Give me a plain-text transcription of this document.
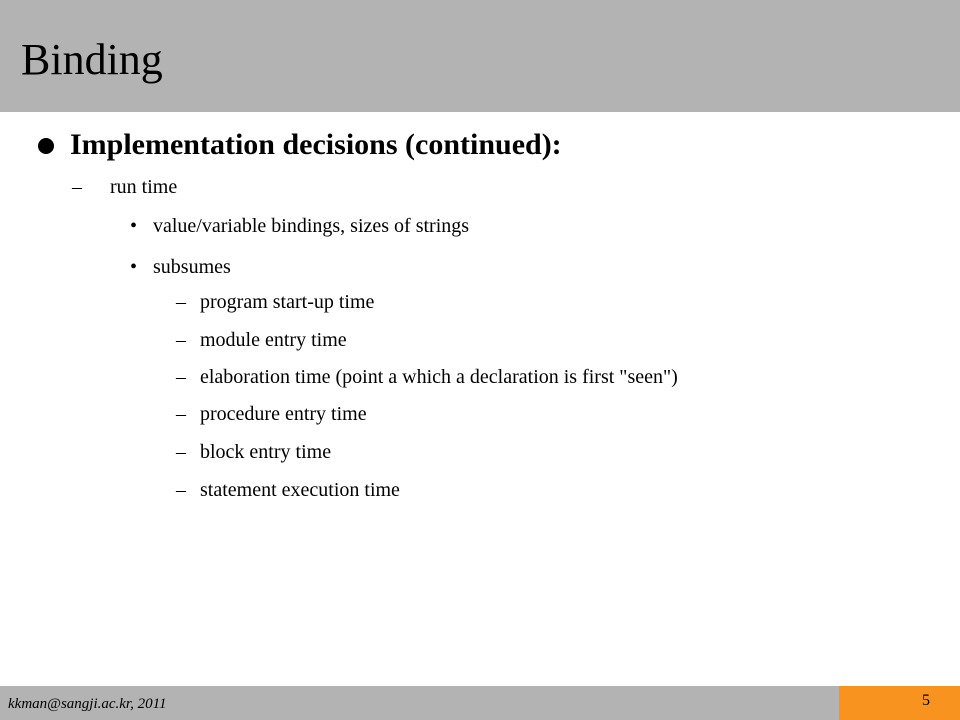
Binding
Implementation decisions (continued):
– run time
• value/variable bindings, sizes of strings
• subsumes
– program start-up time
– module entry time
– elaboration time (point a which a declaration is first "seen")
– procedure entry time
– block entry time
– statement execution time
kkman@sangji.ac.kr, 2011	5
